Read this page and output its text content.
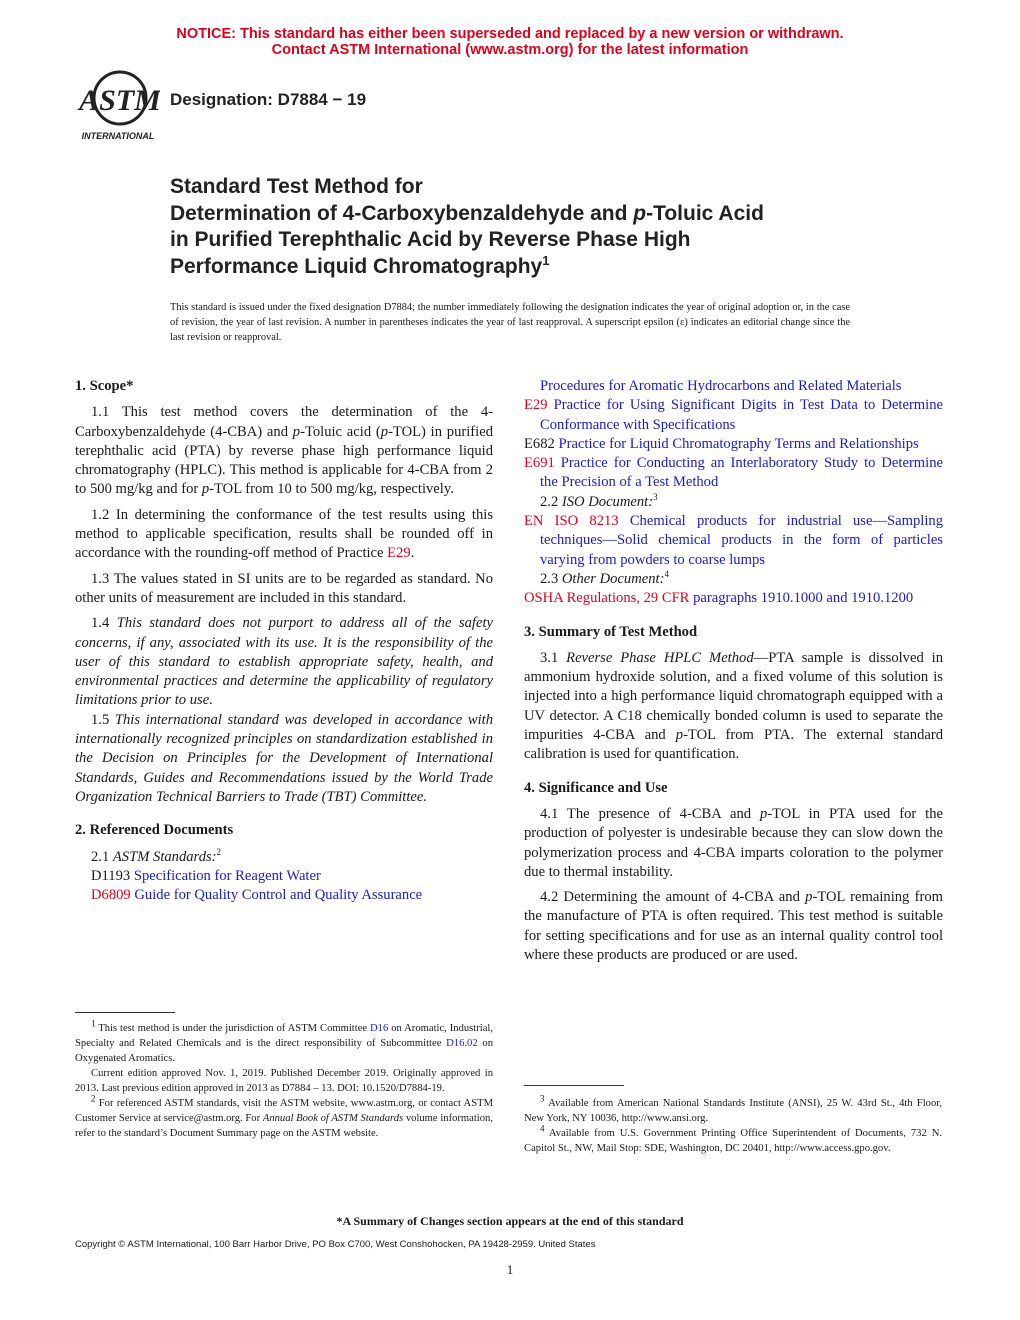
NOTICE: This standard has either been superseded and replaced by a new version or withdrawn.
Contact ASTM International (www.astm.org) for the latest information
ASTM
INTERNATIONAL
Designation: D7884 − 19
Standard Test Method for
Determination of 4-Carboxybenzaldehyde and p-Toluic Acid
in Purified Terephthalic Acid by Reverse Phase High
Performance Liquid Chromatography$^1$
This standard is issued under the fixed designation D7884; the number immediately following the designation indicates the year of original adoption or, in the case of revision, the year of last revision. A number in parentheses indicates the year of last reapproval. A superscript epsilon (ε) indicates an editorial change since the last revision or reapproval.
1. Scope*

1.1 This test method covers the determination of the 4-Carboxybenzaldehyde (4-CBA) and p-Toluic acid (p-TOL) in purified terephthalic acid (PTA) by reverse phase high performance liquid chromatography (HPLC). This method is applicable for 4-CBA from 2 to 500 mg/kg and for p-TOL from 10 to 500 mg/kg, respectively.

1.2 In determining the conformance of the test results using this method to applicable specification, results shall be rounded off in accordance with the rounding-off method of Practice E29.

1.3 The values stated in SI units are to be regarded as standard. No other units of measurement are included in this standard.

1.4 This standard does not purport to address all of the safety concerns, if any, associated with its use. It is the responsibility of the user of this standard to establish appropriate safety, health, and environmental practices and determine the applicability of regulatory limitations prior to use.

1.5 This international standard was developed in accordance with internationally recognized principles on standardization established in the Decision on Principles for the Development of International Standards, Guides and Recommendations issued by the World Trade Organization Technical Barriers to Trade (TBT) Committee.

2. Referenced Documents

2.1 ASTM Standards:$^2$

D1193 Specification for Reagent Water

D6809 Guide for Quality Control and Quality Assurance

Procedures for Aromatic Hydrocarbons and Related Materials

E29 Practice for Using Significant Digits in Test Data to Determine Conformance with Specifications

E682 Practice for Liquid Chromatography Terms and Relationships

E691 Practice for Conducting an Interlaboratory Study to Determine the Precision of a Test Method

2.2 ISO Document:$^3$

EN ISO 8213 Chemical products for industrial use—Sampling techniques—Solid chemical products in the form of particles varying from powders to coarse lumps

2.3 Other Document:$^4$

OSHA Regulations, 29 CFR paragraphs 1910.1000 and 1910.1200

3. Summary of Test Method

3.1 Reverse Phase HPLC Method—PTA sample is dissolved in ammonium hydroxide solution, and a fixed volume of this solution is injected into a high performance liquid chromatograph equipped with a UV detector. A C18 chemically bonded column is used to separate the impurities 4-CBA and p-TOL from PTA. The external standard calibration is used for quantification.

4. Significance and Use

4.1 The presence of 4-CBA and p-TOL in PTA used for the production of polyester is undesirable because they can slow down the polymerization process and 4-CBA imparts coloration to the polymer due to thermal instability.

4.2 Determining the amount of 4-CBA and p-TOL remaining from the manufacture of PTA is often required. This test method is suitable for setting specifications and for use as an internal quality control tool where these products are produced or are used.

$^1$ This test method is under the jurisdiction of ASTM Committee D16 on Aromatic, Industrial, Specialty and Related Chemicals and is the direct responsibility of Subcommittee D16.02 on Oxygenated Aromatics.

Current edition approved Nov. 1, 2019. Published December 2019. Originally approved in 2013. Last previous edition approved in 2013 as D7884 – 13. DOI: 10.1520/D7884-19.

$^2$ For referenced ASTM standards, visit the ASTM website, www.astm.org, or contact ASTM Customer Service at service@astm.org. For Annual Book of ASTM Standards volume information, refer to the standard’s Document Summary page on the ASTM website.

$^3$ Available from American National Standards Institute (ANSI), 25 W. 43rd St., 4th Floor, New York, NY 10036, http://www.ansi.org.

$^4$ Available from U.S. Government Printing Office Superintendent of Documents, 732 N. Capitol St., NW, Mail Stop: SDE, Washington, DC 20401, http://www.access.gpo.gov.

*A Summary of Changes section appears at the end of this standard
Copyright © ASTM International, 100 Barr Harbor Drive, PO Box C700, West Conshohocken, PA 19428-2959. United States
1
